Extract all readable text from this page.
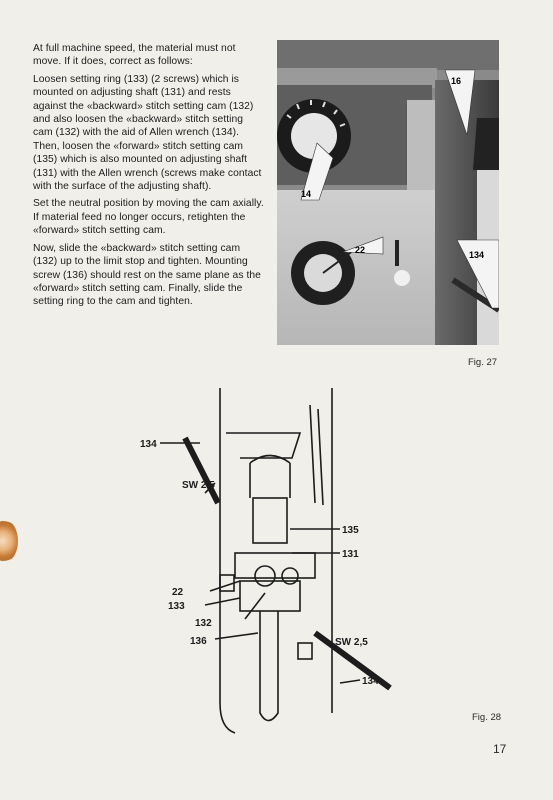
At full machine speed, the material must not move. If it does, correct as follows:

Loosen setting ring (133) (2 screws) which is mounted on adjusting shaft (131) and rests against the «backward» stitch setting cam (132) and also loosen the «backward» stitch setting cam (132) with the aid of Allen wrench (134). Then, loosen the «forward» stitch setting cam (135) which is also mounted on adjusting shaft (131) with the Allen wrench (screws make contact with the surface of the adjusting shaft).

Set the neutral position by moving the cam axially. If material feed no longer occurs, retighten the «forward» stitch setting cam.

Now, slide the «backward» stitch setting cam (132) up to the limit stop and tighten. Mounting screw (136) should rest on the same plane as the «forward» stitch setting cam. Finally, slide the setting ring to the cam and tighten.

14
16
22	134
Fig. 27
134
SW 2,5
135
131
22
133
132
136	SW 2,5
134
Fig. 28
17
